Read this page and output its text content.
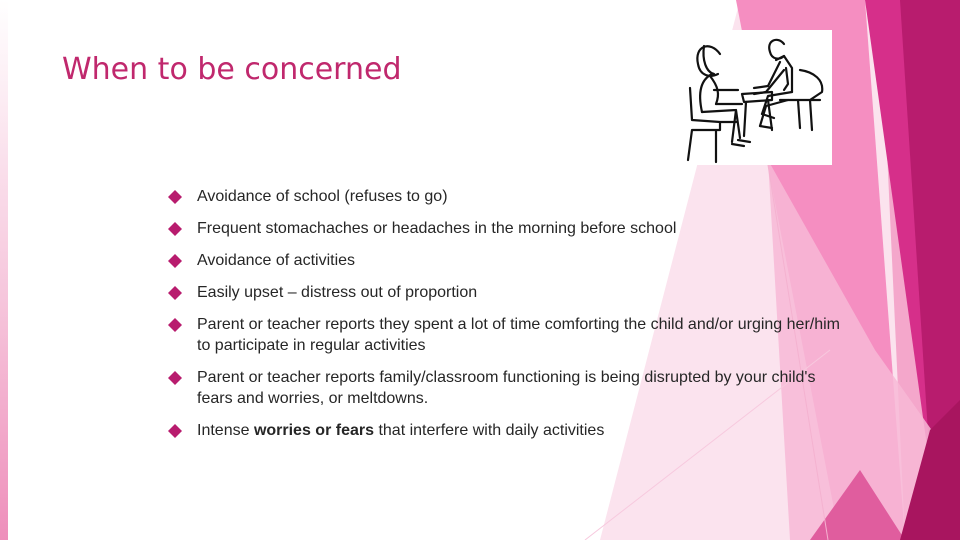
When to be concerned
Avoidance of school (refuses to go)
Frequent stomachaches or headaches in the morning before school
Avoidance of activities
Easily upset – distress out of proportion
Parent or teacher reports they spent a lot of time comforting the child and/or urging her/him to participate in regular activities
Parent or teacher reports family/classroom functioning is being disrupted by your child's fears and worries, or meltdowns.
Intense worries or fears that interfere with daily activities
